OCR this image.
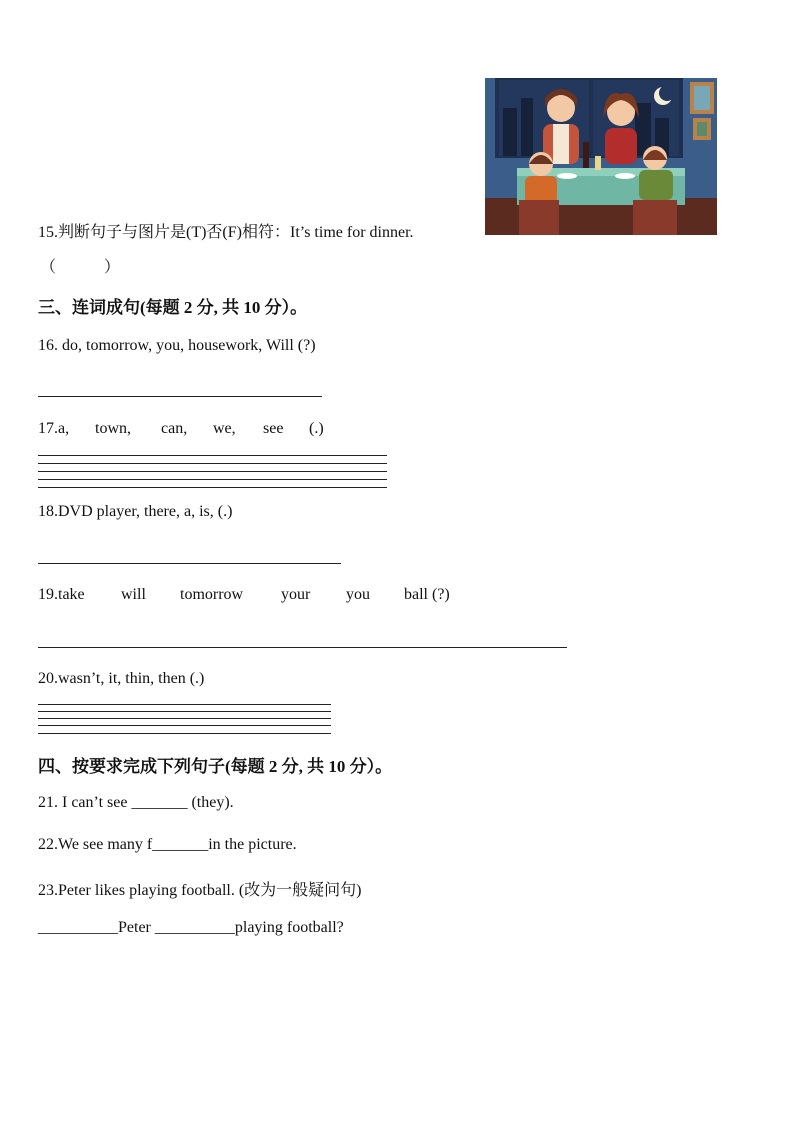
15.判断句子与图片是(T)否(F)相符：It’s time for dinner.
（　　　）
三、连词成句(每题 2 分, 共 10 分）。
16. do, tomorrow, you, housework, Will (?)
17.a, town, can, we, see (.)
18.DVD player, there, a, is, (.)
19.take will tomorrow your you ball (?)
20.wasn’t, it, thin, then (.)
四、按要求完成下列句子(每题 2 分, 共 10 分）。
21. I can’t see _______ (they).
22.We see many f_______in the picture.
23.Peter likes playing football. (改为一般疑问句)
__________Peter __________playing football?
